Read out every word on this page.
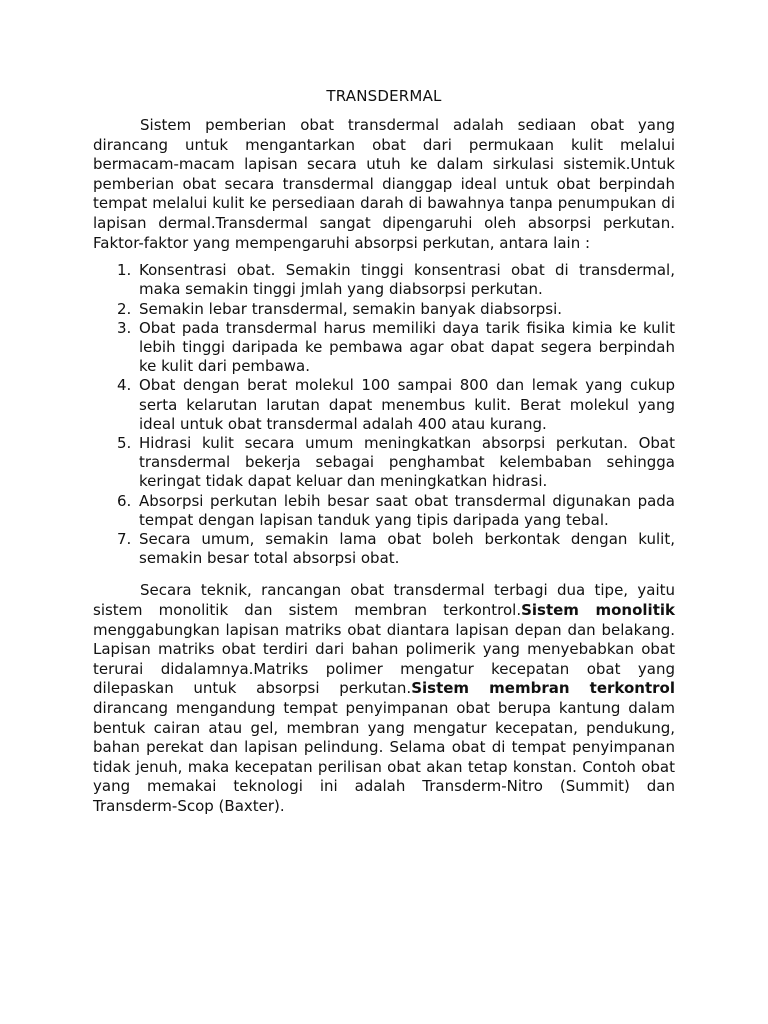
TRANSDERMAL

Sistem pemberian obat transdermal adalah sediaan obat yang dirancang untuk mengantarkan obat dari permukaan kulit melalui bermacam-macam lapisan secara utuh ke dalam sirkulasi sistemik.Untuk pemberian obat secara transdermal dianggap ideal untuk obat berpindah tempat melalui kulit ke persediaan darah di bawahnya tanpa penumpukan di lapisan dermal.Transdermal sangat dipengaruhi oleh absorpsi perkutan. Faktor-faktor yang mempengaruhi absorpsi perkutan, antara lain :

1. Konsentrasi obat. Semakin tinggi konsentrasi obat di transdermal, maka semakin tinggi jmlah yang diabsorpsi perkutan.
2. Semakin lebar transdermal, semakin banyak diabsorpsi.
3. Obat pada transdermal harus memiliki daya tarik fisika kimia ke kulit lebih tinggi daripada ke pembawa agar obat dapat segera berpindah ke kulit dari pembawa.
4. Obat dengan berat molekul 100 sampai 800 dan lemak yang cukup serta kelarutan larutan dapat menembus kulit. Berat molekul yang ideal untuk obat transdermal adalah 400 atau kurang.
5. Hidrasi kulit secara umum meningkatkan absorpsi perkutan. Obat transdermal bekerja sebagai penghambat kelembaban sehingga keringat tidak dapat keluar dan meningkatkan hidrasi.
6. Absorpsi perkutan lebih besar saat obat transdermal digunakan pada tempat dengan lapisan tanduk yang tipis daripada yang tebal.
7. Secara umum, semakin lama obat boleh berkontak dengan kulit, semakin besar total absorpsi obat.

Secara teknik, rancangan obat transdermal terbagi dua tipe, yaitu sistem monolitik dan sistem membran terkontrol.Sistem monolitik menggabungkan lapisan matriks obat diantara lapisan depan dan belakang. Lapisan matriks obat terdiri dari bahan polimerik yang menyebabkan obat terurai didalamnya.Matriks polimer mengatur kecepatan obat yang dilepaskan untuk absorpsi perkutan.Sistem membran terkontrol dirancang mengandung tempat penyimpanan obat berupa kantung dalam bentuk cairan atau gel, membran yang mengatur kecepatan, pendukung, bahan perekat dan lapisan pelindung. Selama obat di tempat penyimpanan tidak jenuh, maka kecepatan perilisan obat akan tetap konstan. Contoh obat yang memakai teknologi ini adalah Transderm-Nitro (Summit) dan Transderm-Scop (Baxter).
